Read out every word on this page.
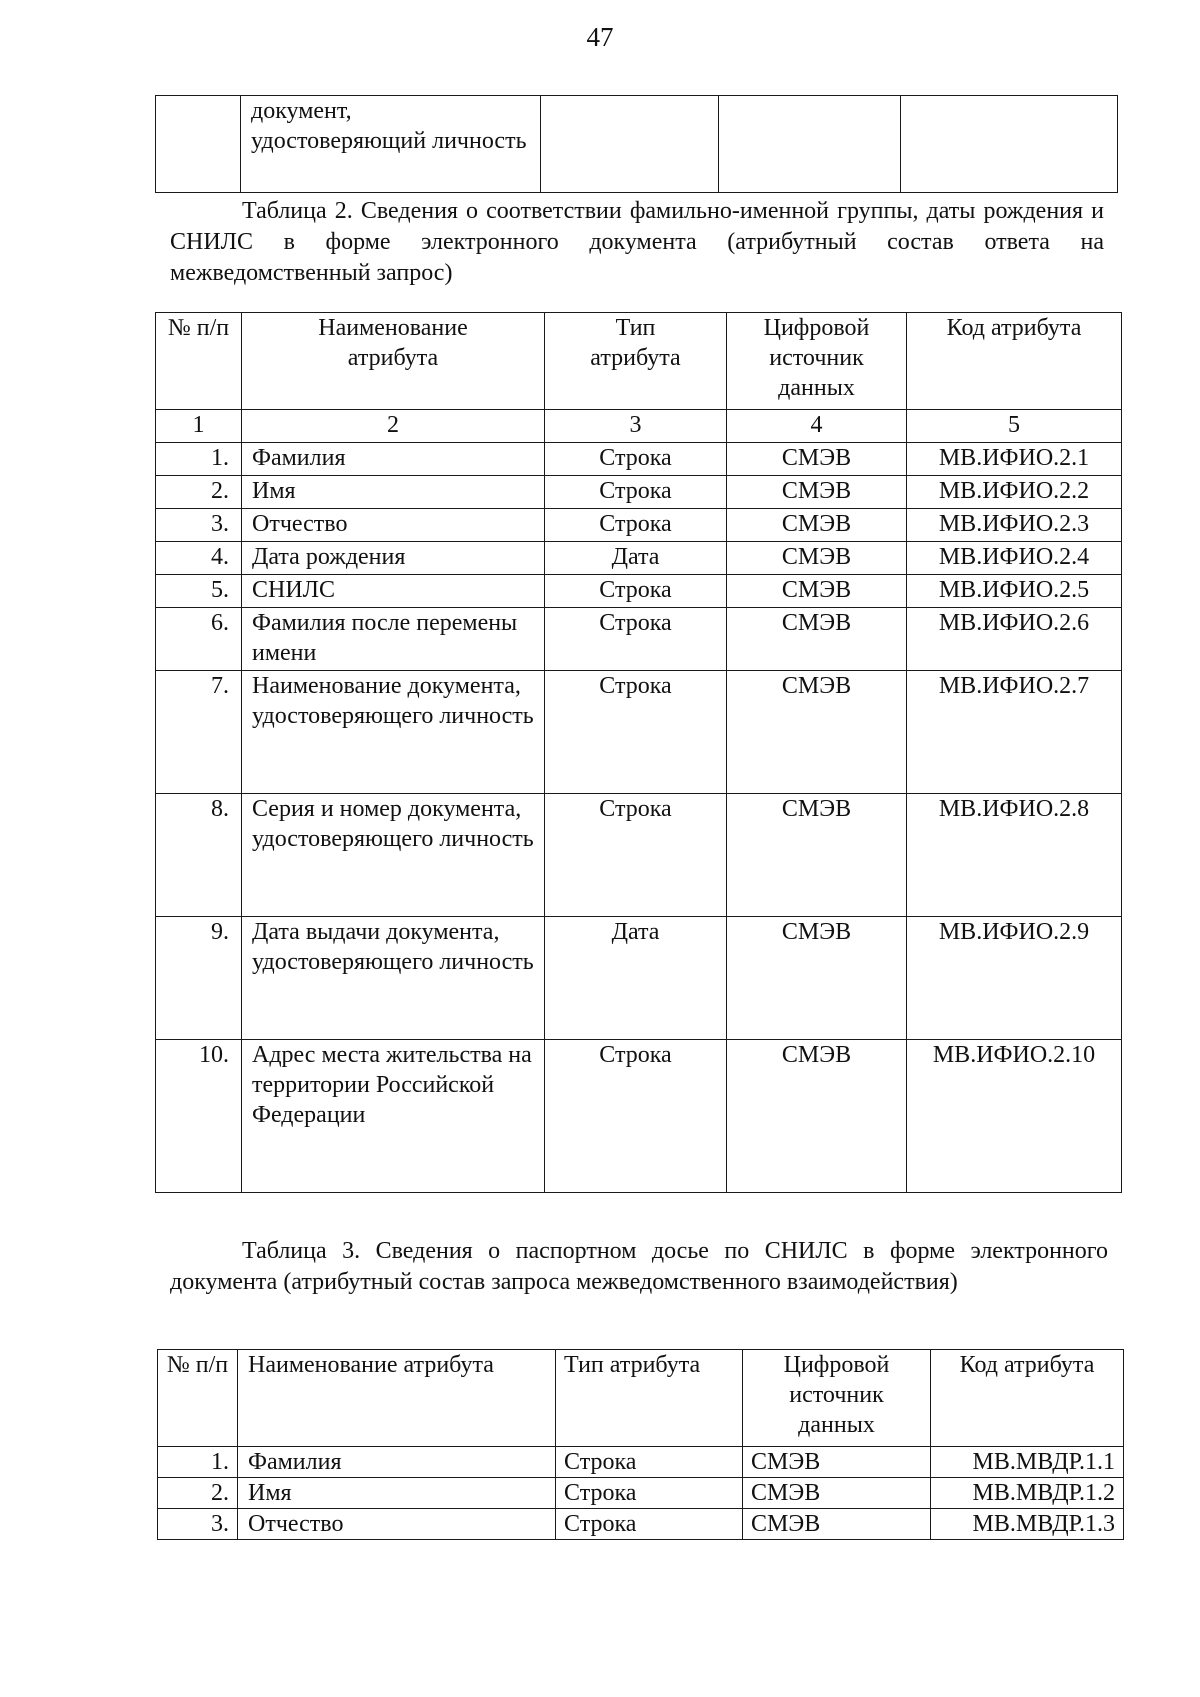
47
	документ, удостоверяющий личность			

Таблица 2. Сведения о соответствии фамильно-именной группы, даты рождения и СНИЛС в форме электронного документа (атрибутный состав ответа на межведомственный запрос)

№ п/п	Наименование атрибута	Тип атрибута	Цифровой источник данных	Код атрибута
1	2	3	4	5
1.	Фамилия	Строка	СМЭВ	МВ.ИФИО.2.1
2.	Имя	Строка	СМЭВ	МВ.ИФИО.2.2
3.	Отчество	Строка	СМЭВ	МВ.ИФИО.2.3
4.	Дата рождения	Дата	СМЭВ	МВ.ИФИО.2.4
5.	СНИЛС	Строка	СМЭВ	МВ.ИФИО.2.5
6.	Фамилия после перемены имени	Строка	СМЭВ	МВ.ИФИО.2.6
7.	Наименование документа, удостоверяющего личность	Строка	СМЭВ	МВ.ИФИО.2.7
8.	Серия и номер документа, удостоверяющего личность	Строка	СМЭВ	МВ.ИФИО.2.8
9.	Дата выдачи документа, удостоверяющего личность	Дата	СМЭВ	МВ.ИФИО.2.9
10.	Адрес места жительства на территории Российской Федерации	Строка	СМЭВ	МВ.ИФИО.2.10

Таблица 3. Сведения о паспортном досье по СНИЛС в форме электронного документа (атрибутный состав запроса межведомственного взаимодействия)

№ п/п	Наименование атрибута	Тип атрибута	Цифровой источник данных	Код атрибута
1.	Фамилия	Строка	СМЭВ	МВ.МВДР.1.1
2.	Имя	Строка	СМЭВ	МВ.МВДР.1.2
3.	Отчество	Строка	СМЭВ	МВ.МВДР.1.3
